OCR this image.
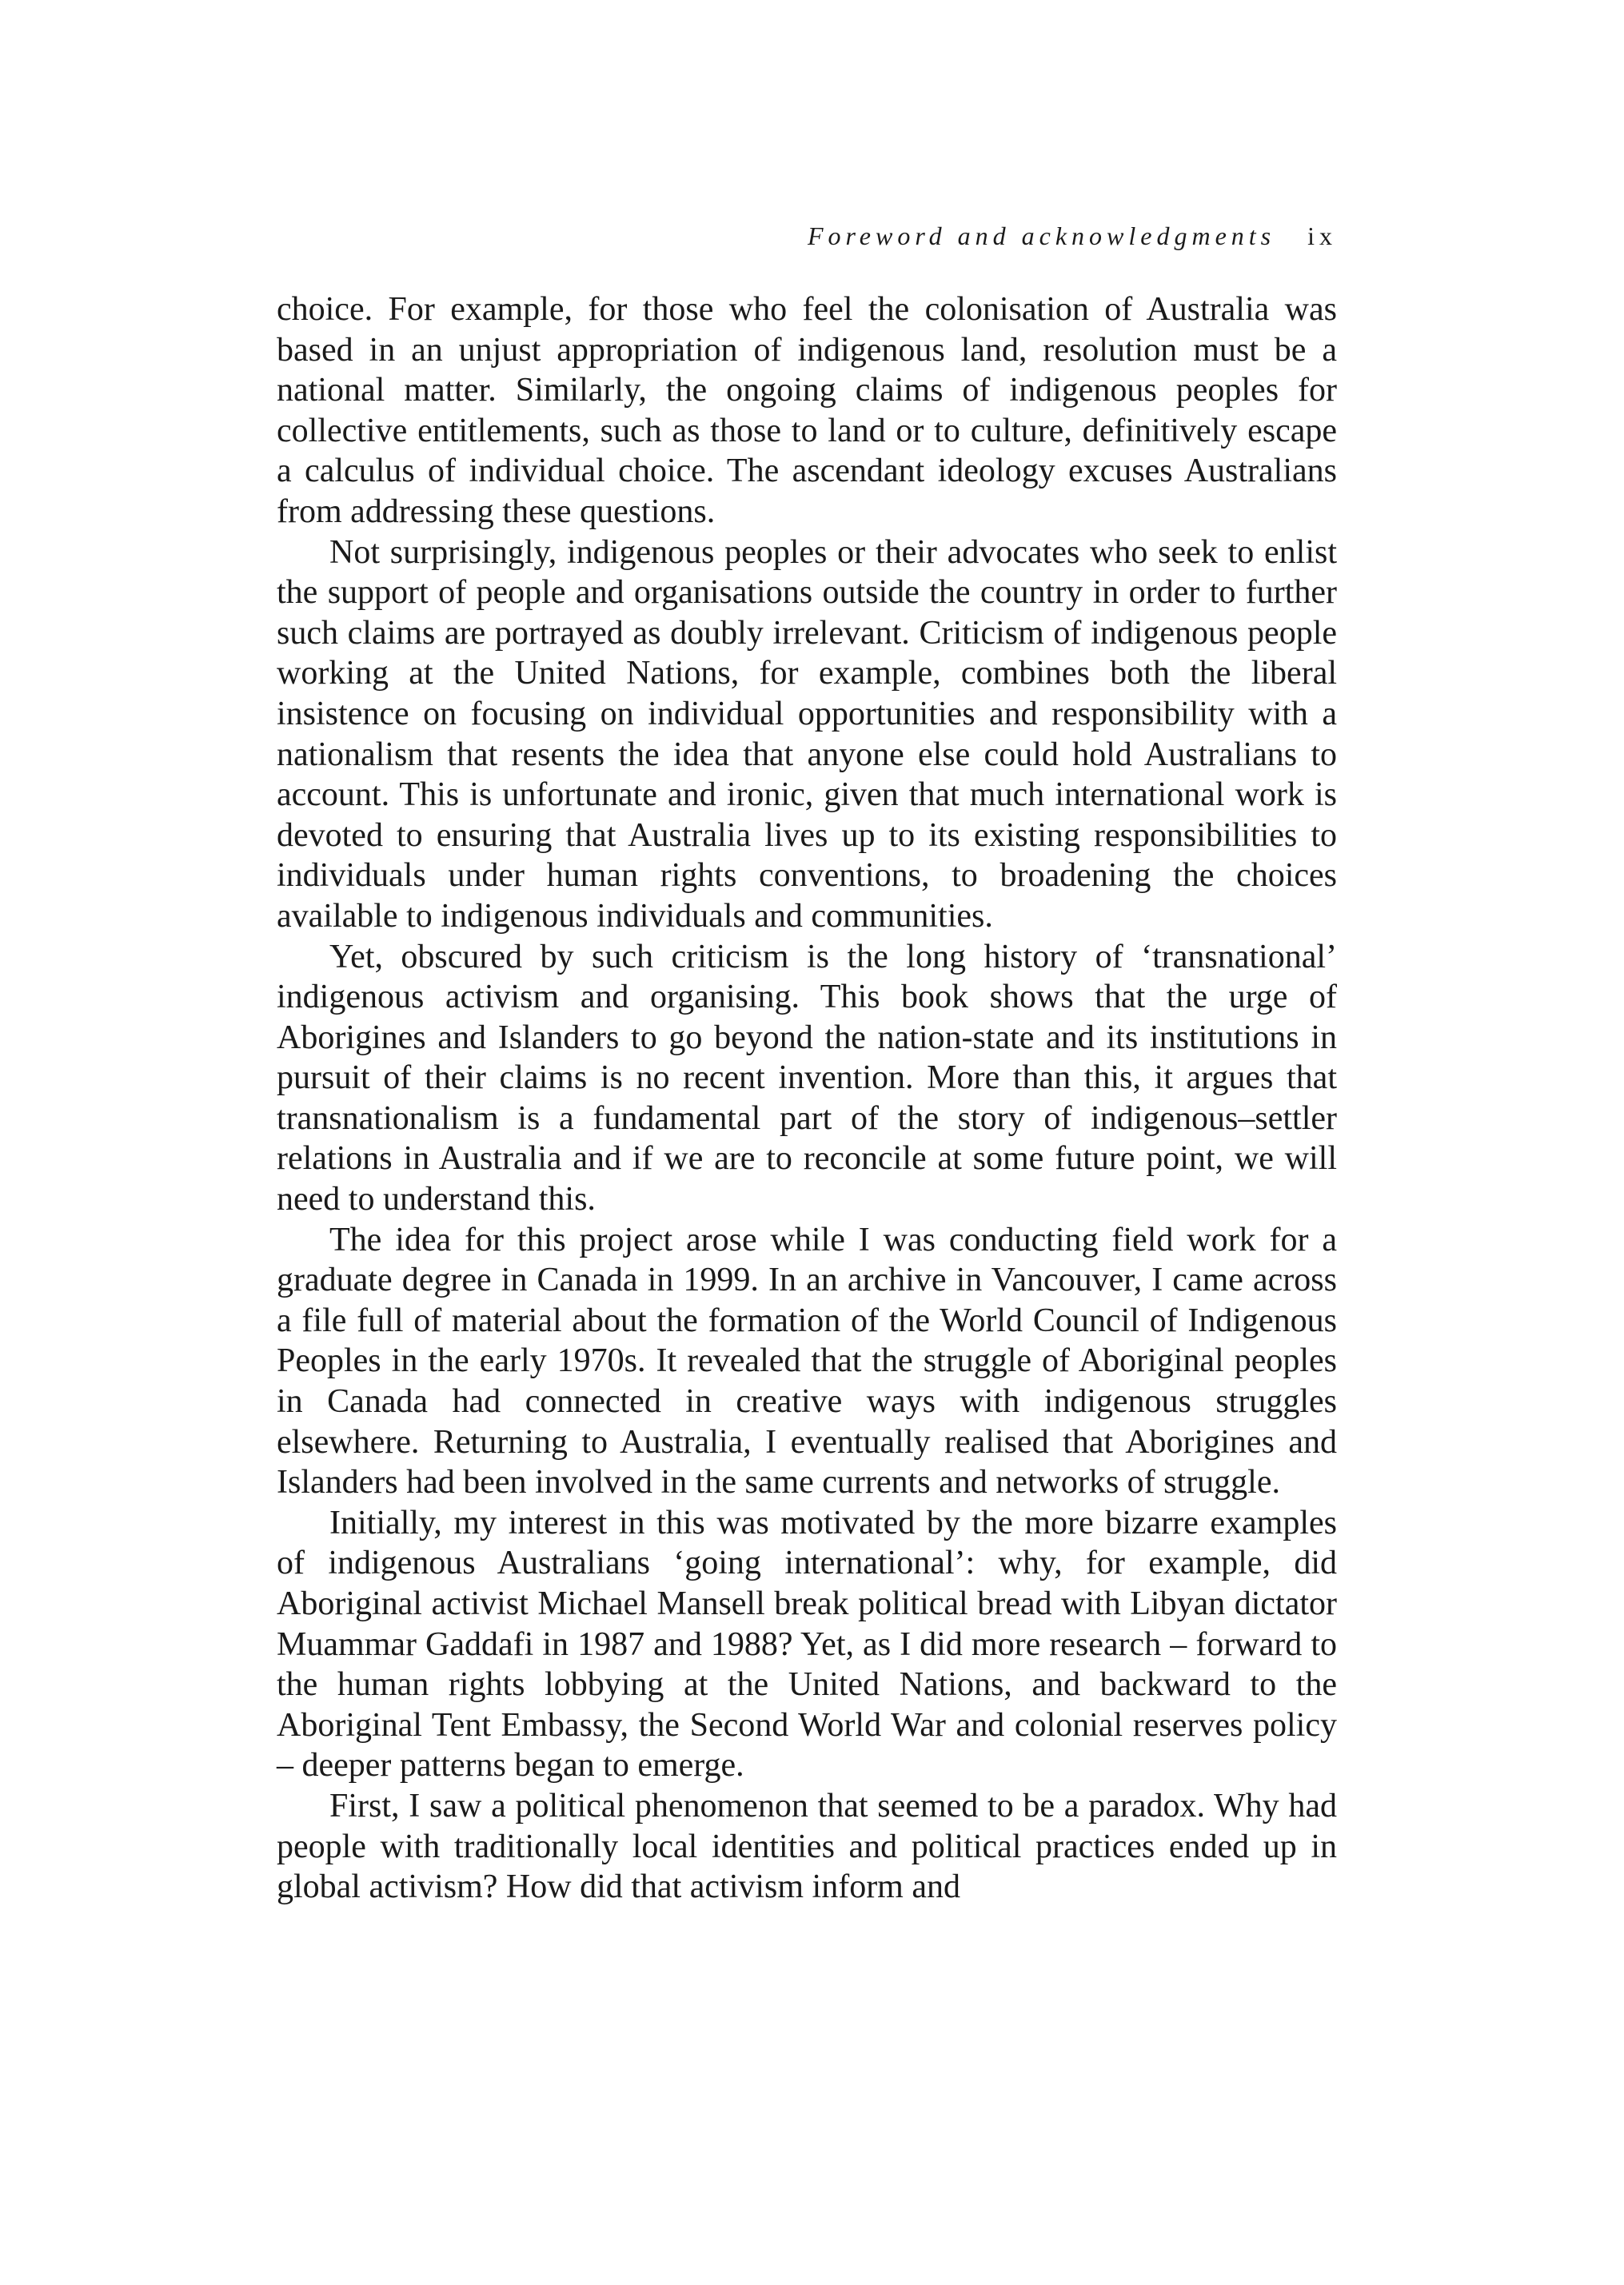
Foreword and acknowledgments ix

choice. For example, for those who feel the colonisation of Australia was based in an unjust appropriation of indigenous land, resolution must be a national matter. Similarly, the ongoing claims of indigenous peoples for collective entitlements, such as those to land or to culture, definitively escape a calculus of individual choice. The ascendant ideology excuses Australians from addressing these questions.

Not surprisingly, indigenous peoples or their advocates who seek to enlist the support of people and organisations outside the country in order to further such claims are portrayed as doubly irrelevant. Criticism of indigenous people working at the United Nations, for example, combines both the liberal insistence on focusing on individual opportunities and responsibility with a nationalism that resents the idea that anyone else could hold Australians to account. This is unfortunate and ironic, given that much international work is devoted to ensuring that Australia lives up to its existing responsibilities to individuals under human rights conventions, to broadening the choices available to indigenous individuals and communities.

Yet, obscured by such criticism is the long history of ‘transnational’ indigenous activism and organising. This book shows that the urge of Aborigines and Islanders to go beyond the nation-state and its institutions in pursuit of their claims is no recent invention. More than this, it argues that transnationalism is a fundamental part of the story of indigenous–settler relations in Australia and if we are to reconcile at some future point, we will need to understand this.

The idea for this project arose while I was conducting field work for a graduate degree in Canada in 1999. In an archive in Vancouver, I came across a file full of material about the formation of the World Council of Indigenous Peoples in the early 1970s. It revealed that the struggle of Aboriginal peoples in Canada had connected in creative ways with indigenous struggles elsewhere. Returning to Australia, I eventually realised that Aborigines and Islanders had been involved in the same currents and networks of struggle.

Initially, my interest in this was motivated by the more bizarre examples of indigenous Australians ‘going international’: why, for example, did Aboriginal activist Michael Mansell break political bread with Libyan dictator Muammar Gaddafi in 1987 and 1988? Yet, as I did more research – forward to the human rights lobbying at the United Nations, and backward to the Aboriginal Tent Embassy, the Second World War and colonial reserves policy – deeper patterns began to emerge.

First, I saw a political phenomenon that seemed to be a paradox. Why had people with traditionally local identities and political practices ended up in global activism? How did that activism inform and
